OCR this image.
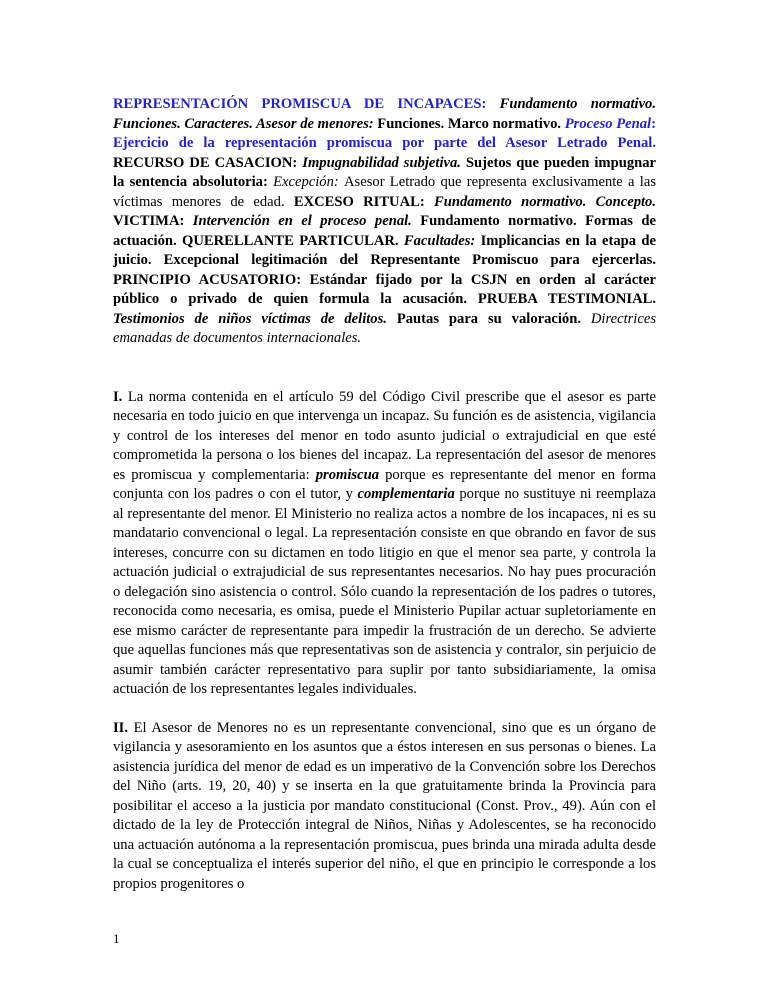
REPRESENTACIÓN PROMISCUA DE INCAPACES: Fundamento normativo. Funciones. Caracteres. Asesor de menores: Funciones. Marco normativo. Proceso Penal: Ejercicio de la representación promiscua por parte del Asesor Letrado Penal. RECURSO DE CASACION: Impugnabilidad subjetiva. Sujetos que pueden impugnar la sentencia absolutoria: Excepción: Asesor Letrado que representa exclusivamente a las víctimas menores de edad. EXCESO RITUAL: Fundamento normativo. Concepto. VICTIMA: Intervención en el proceso penal. Fundamento normativo. Formas de actuación. QUERELLANTE PARTICULAR. Facultades: Implicancias en la etapa de juicio. Excepcional legitimación del Representante Promiscuo para ejercerlas. PRINCIPIO ACUSATORIO: Estándar fijado por la CSJN en orden al carácter público o privado de quien formula la acusación. PRUEBA TESTIMONIAL. Testimonios de niños víctimas de delitos. Pautas para su valoración. Directrices emanadas de documentos internacionales.

I. La norma contenida en el artículo 59 del Código Civil prescribe que el asesor es parte necesaria en todo juicio en que intervenga un incapaz. Su función es de asistencia, vigilancia y control de los intereses del menor en todo asunto judicial o extrajudicial en que esté comprometida la persona o los bienes del incapaz. La representación del asesor de menores es promiscua y complementaria: promiscua porque es representante del menor en forma conjunta con los padres o con el tutor, y complementaria porque no sustituye ni reemplaza al representante del menor. El Ministerio no realiza actos a nombre de los incapaces, ni es su mandatario convencional o legal. La representación consiste en que obrando en favor de sus intereses, concurre con su dictamen en todo litigio en que el menor sea parte, y controla la actuación judicial o extrajudicial de sus representantes necesarios. No hay pues procuración o delegación sino asistencia o control. Sólo cuando la representación de los padres o tutores, reconocida como necesaria, es omisa, puede el Ministerio Pupilar actuar supletoriamente en ese mismo carácter de representante para impedir la frustración de un derecho. Se advierte que aquellas funciones más que representativas son de asistencia y contralor, sin perjuicio de asumir también carácter representativo para suplir por tanto subsidiariamente, la omisa actuación de los representantes legales individuales.

II. El Asesor de Menores no es un representante convencional, sino que es un órgano de vigilancia y asesoramiento en los asuntos que a éstos interesen en sus personas o bienes. La asistencia jurídica del menor de edad es un imperativo de la Convención sobre los Derechos del Niño (arts. 19, 20, 40) y se inserta en la que gratuitamente brinda la Provincia para posibilitar el acceso a la justicia por mandato constitucional (Const. Prov., 49). Aún con el dictado de la ley de Protección integral de Niños, Niñas y Adolescentes, se ha reconocido una actuación autónoma a la representación promiscua, pues brinda una mirada adulta desde la cual se conceptualiza el interés superior del niño, el que en principio le corresponde a los propios progenitores o

1
